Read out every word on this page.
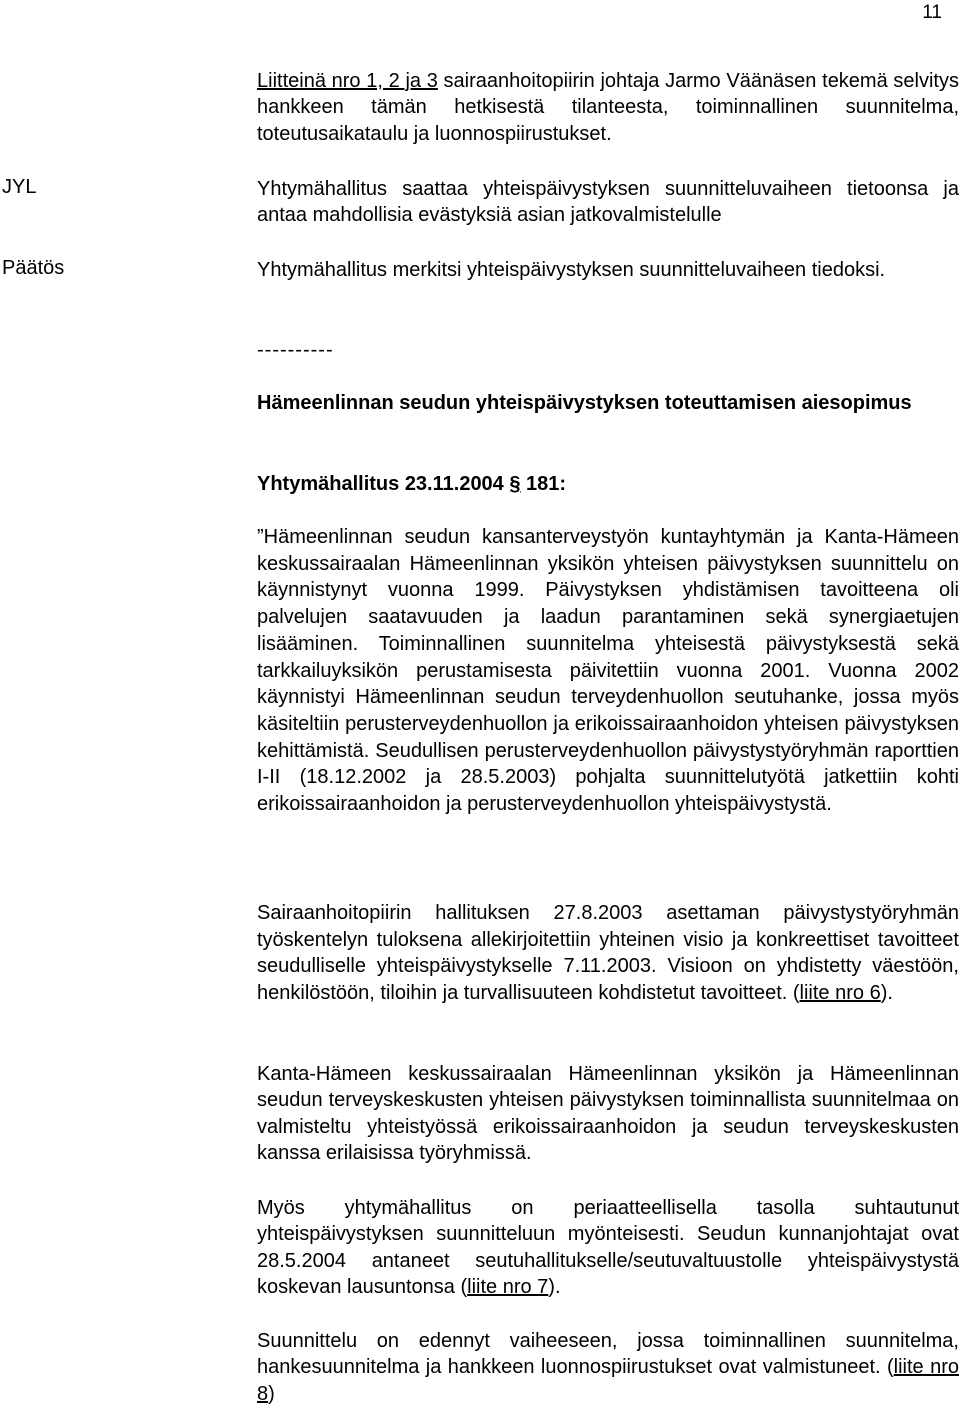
11
Liitteinä nro 1, 2 ja 3 sairaanhoitopiirin johtaja Jarmo Väänäsen tekemä selvitys hankkeen tämän hetkisestä tilanteesta, toiminnallinen suunnitelma, toteutusaikataulu ja luonnospiirustukset.
JYL	Yhtymähallitus saattaa yhteispäivystyksen suunnitteluvaiheen tietoonsa ja antaa mahdollisia evästyksiä asian jatkovalmistelulle
Päätös	Yhtymähallitus merkitsi yhteispäivystyksen suunnitteluvaiheen tiedoksi.
----------
Hämeenlinnan seudun yhteispäivystyksen toteuttamisen aiesopimus
Yhtymähallitus 23.11.2004 § 181:
”Hämeenlinnan seudun kansanterveystyön kuntayhtymän ja Kanta-Hämeen keskussairaalan Hämeenlinnan yksikön yhteisen päivystyksen suunnittelu on käynnistynyt vuonna 1999. Päivystyksen yhdistämisen tavoitteena oli palvelujen saatavuuden ja laadun parantaminen sekä synergiaetujen lisääminen. Toiminnallinen suunnitelma yhteisestä päivystyksestä sekä tarkkailuyksikön perustamisesta päivitettiin vuonna 2001. Vuonna 2002 käynnistyi Hämeenlinnan seudun terveydenhuollon seutuhanke, jossa myös käsiteltiin perusterveydenhuollon ja erikoissairaanhoidon yhteisen päivystyksen kehittämistä. Seudullisen perusterveydenhuollon päivystystyöryhmän raporttien I-II (18.12.2002 ja 28.5.2003) pohjalta suunnittelutyötä jatkettiin kohti erikoissairaanhoidon ja perusterveydenhuollon yhteispäivystystä.
Sairaanhoitopiirin hallituksen 27.8.2003 asettaman päivystystyöryhmän työskentelyn tuloksena allekirjoitettiin yhteinen visio ja konkreettiset tavoitteet seudulliselle yhteispäivystykselle 7.11.2003. Visioon on yhdistetty väestöön, henkilöstöön, tiloihin ja turvallisuuteen kohdistetut tavoitteet. (liite nro 6).
Kanta-Hämeen keskussairaalan Hämeenlinnan yksikön ja Hämeenlinnan seudun terveyskeskusten yhteisen päivystyksen toiminnallista suunnitelmaa on valmisteltu yhteistyössä erikoissairaanhoidon ja seudun terveyskeskusten kanssa erilaisissa työryhmissä.
Myös yhtymähallitus on periaatteellisella tasolla suhtautunut yhteispäivystyksen suunnitteluun myönteisesti. Seudun kunnanjohtajat ovat 28.5.2004 antaneet seutuhallitukselle/seutuvaltuustolle yhteispäivystystä koskevan lausuntonsa (liite nro 7).
Suunnittelu on edennyt vaiheeseen, jossa toiminnallinen suunnitelma, hankesuunnitelma ja hankkeen luonnospiirustukset ovat valmistuneet. (liite nro 8)
